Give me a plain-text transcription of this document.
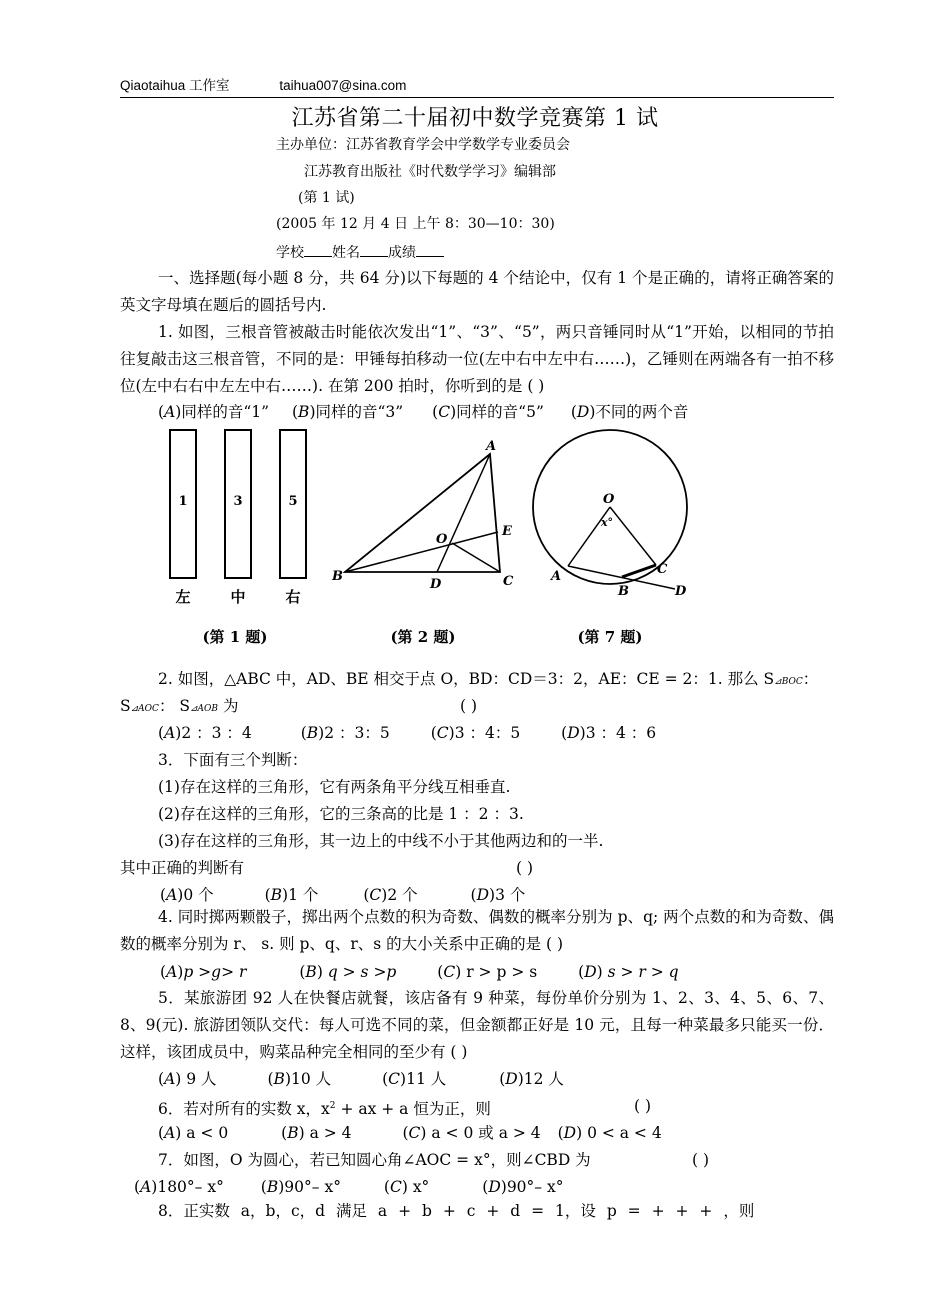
Qiaotaihua 工作室	taihua007@sina.com
江苏省第二十届初中数学竞赛第 1 试
主办单位：江苏省教育学会中学数学专业委员会
江苏教育出版社《时代数学学习》编辑部
(第 1 试)
(2005 年 12 月 4 日 上午 8：30—10：30)
学校 姓名 成绩
一、选择题(每小题 8 分，共 64 分)以下每题的 4 个结论中，仅有 1 个是正确的，请将正确答案的英文字母填在题后的圆括号内.
1. 如图，三根音管被敲击时能依次发出“1”、“3”、“5”，两只音锤同时从“1”开始，以相同的节拍往复敲击这三根音管，不同的是：甲锤每拍移动一位(左中右中左中右……)，乙锤则在两端各有一拍不移位(左中右右中左左中右……). 在第 200 拍时，你听到的是 ( )
(A)同样的音“1” (B)同样的音“3” (C)同样的音“5” (D)不同的两个音
1	3	5
左	中	右
(第 1 题)
A
B	C
D
E
O
(第 2 题)
O
A
B
C
D
x°
(第 7 题)
2. 如图，△ABC 中，AD、BE 相交于点 O，BD：CD＝3：2，AE：CE = 2：1. 那么 S⊿BOC：
S⊿AOC： S⊿AOB 为	( )
(A)2 ：3 ：4	(B)2 ：3：5	(C)3 ：4：5	(D)3 ：4 ：6
3．下面有三个判断：
(1)存在这样的三角形，它有两条角平分线互相垂直.
(2)存在这样的三角形，它的三条高的比是 1 ：2 ：3.
(3)存在这样的三角形，其一边上的中线不小于其他两边和的一半.
其中正确的判断有	( )
(A)0 个	(B)1 个	(C)2 个	(D)3 个
4. 同时掷两颗骰子，掷出两个点数的积为奇数、偶数的概率分别为 p、q; 两个点数的和为奇数、偶数的概率分别为 r、 s. 则 p、q、r、s 的大小关系中正确的是 ( )
(A)p >g> r	(B) q > s >p	(C) r > p > s	(D) s > r > q
5．某旅游团 92 人在快餐店就餐，该店备有 9 种菜，每份单价分别为 1、2、3、4、5、6、7、8、9(元). 旅游团领队交代：每人可选不同的菜，但金额都正好是 10 元，且每一种菜最多只能买一份．这样，该团成员中，购菜品种完全相同的至少有 ( )
(A) 9 人	(B)10 人	(C)11 人	(D)12 人
6．若对所有的实数 x，$x^2$ + ax + a 恒为正，则	( )
(A) a < 0	(B) a > 4	(C) a < 0 或 a > 4 (D) 0 < a < 4
7．如图，O 为圆心，若已知圆心角∠AOC = x°，则∠CBD 为	( )
(A)180°– x° (B)90°– x°	(C) x°	(D)90°– x°
8．正实数 a，b，c，d 满足 a + b + c + d = 1，设 p = + + + ，则
